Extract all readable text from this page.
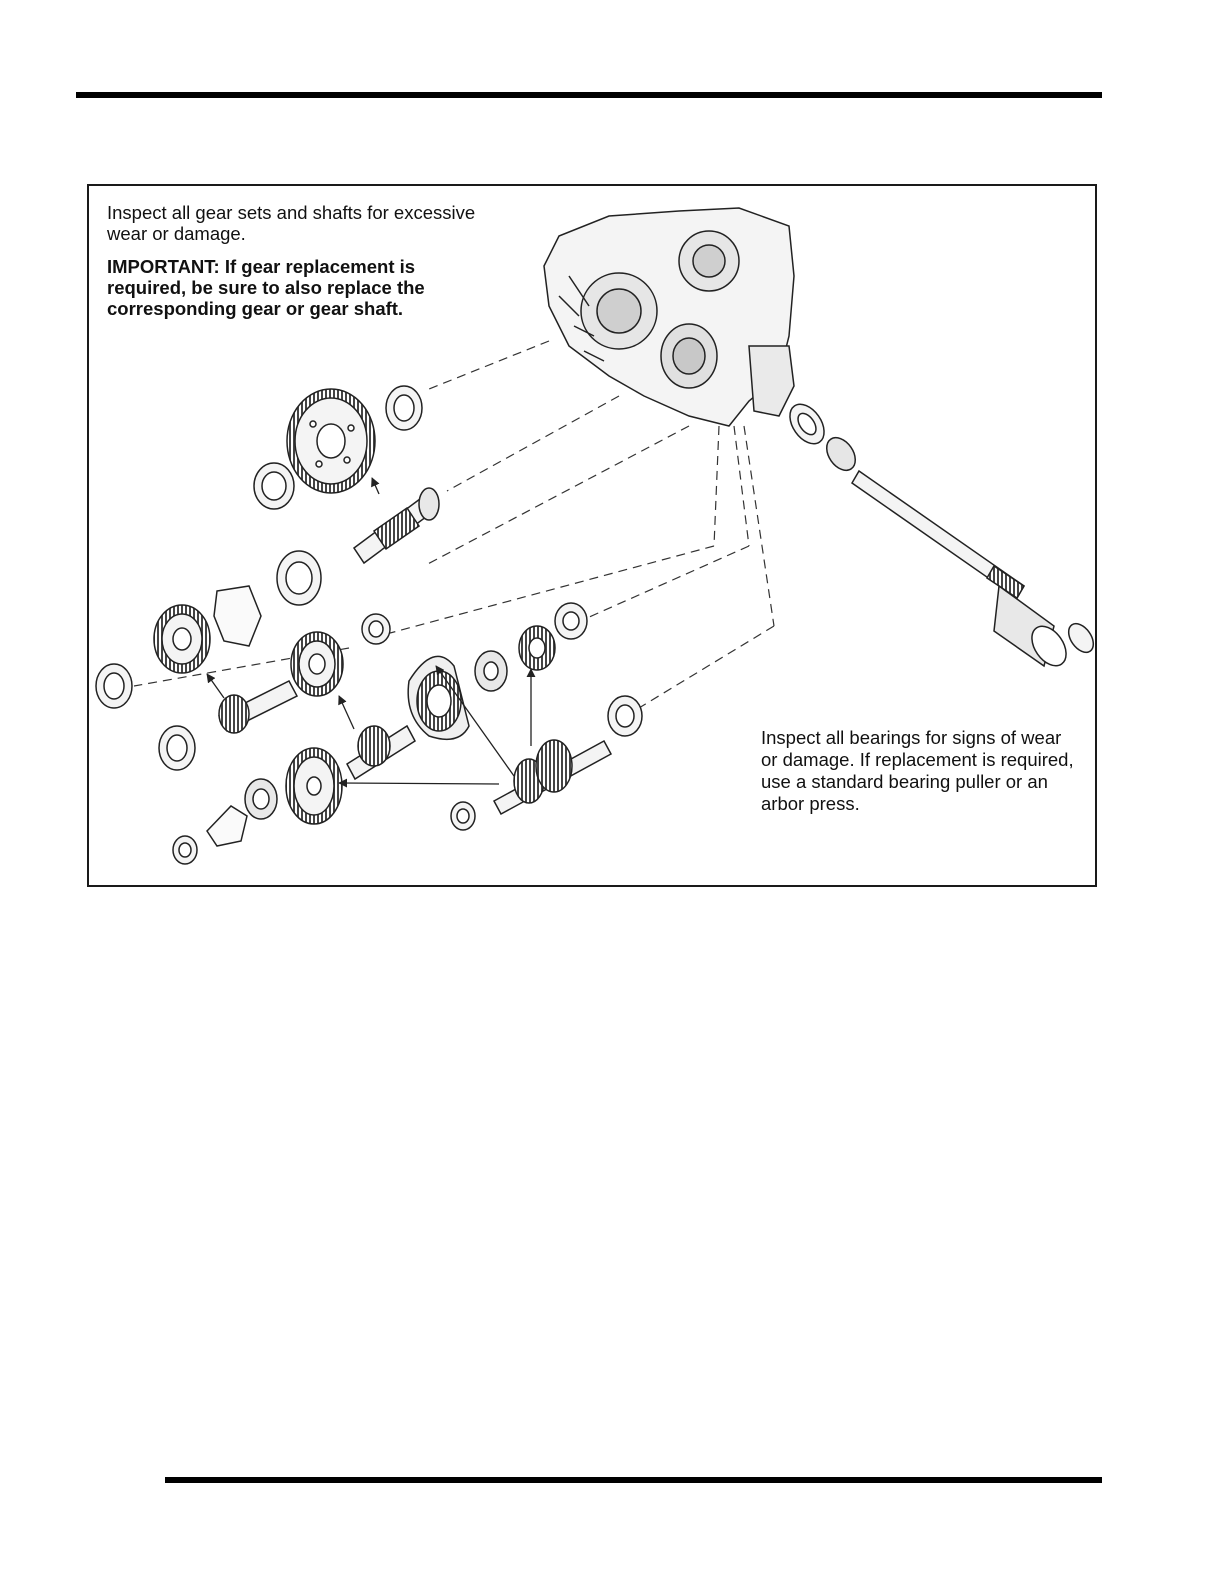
Inspect all gear sets and shafts for excessive wear or damage.

IMPORTANT: If gear replacement is required, be sure to also replace the corresponding gear or gear shaft.

Inspect all bearings for signs of wear or damage. If replacement is required, use a standard bearing puller or an arbor press.
